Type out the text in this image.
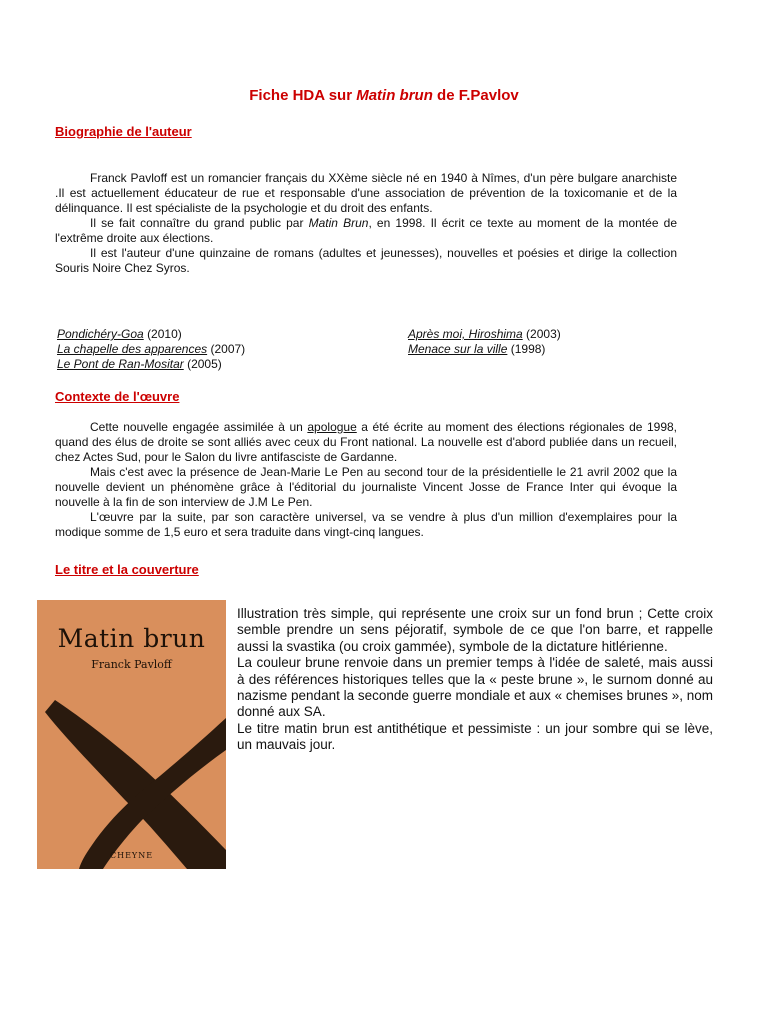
Fiche HDA sur Matin brun de F.Pavlov
Biographie de l'auteur

Franck Pavloff est un romancier français du XXème siècle né en 1940 à Nîmes, d'un père bulgare anarchiste .Il est actuellement éducateur de rue et responsable d'une association de prévention de la toxicomanie et de la délinquance. Il est spécialiste de la psychologie et du droit des enfants.

Il se fait connaître du grand public par Matin Brun, en 1998. Il écrit ce texte au moment de la montée de l'extrême droite aux élections.

Il est l'auteur d'une quinzaine de romans (adultes et jeunesses), nouvelles et poésies et dirige la collection Souris Noire Chez Syros.

Pondichéry-Goa (2010)
La chapelle des apparences (2007)
Le Pont de Ran-Mositar (2005)
Après moi, Hiroshima (2003)
Menace sur la ville (1998)
Contexte de l'œuvre

Cette nouvelle engagée assimilée à un apologue a été écrite au moment des élections régionales de 1998, quand des élus de droite se sont alliés avec ceux du Front national. La nouvelle est d'abord publiée dans un recueil, chez Actes Sud, pour le Salon du livre antifasciste de Gardanne.

Mais c'est avec la présence de Jean-Marie Le Pen au second tour de la présidentielle le 21 avril 2002 que la nouvelle devient un phénomène grâce à l'éditorial du journaliste Vincent Josse de France Inter qui évoque la nouvelle à la fin de son interview de J.M Le Pen.

L'œuvre par la suite, par son caractère universel, va se vendre à plus d'un million d'exemplaires pour la modique somme de 1,5 euro et sera traduite dans vingt-cinq langues.

Le titre et la couverture
Matin brun
Franck Pavloff
CHEYNE

Illustration très simple, qui représente une croix sur un fond brun ; Cette croix semble prendre un sens péjoratif, symbole de ce que l'on barre, et rappelle aussi la svastika (ou croix gammée), symbole de la dictature hitlérienne.

La couleur brune renvoie dans un premier temps à l'idée de saleté, mais aussi à des références historiques telles que la « peste brune », le surnom donné au nazisme pendant la seconde guerre mondiale et aux « chemises brunes », nom donné aux SA.

Le titre matin brun est antithétique et pessimiste : un jour sombre qui se lève, un mauvais jour.
